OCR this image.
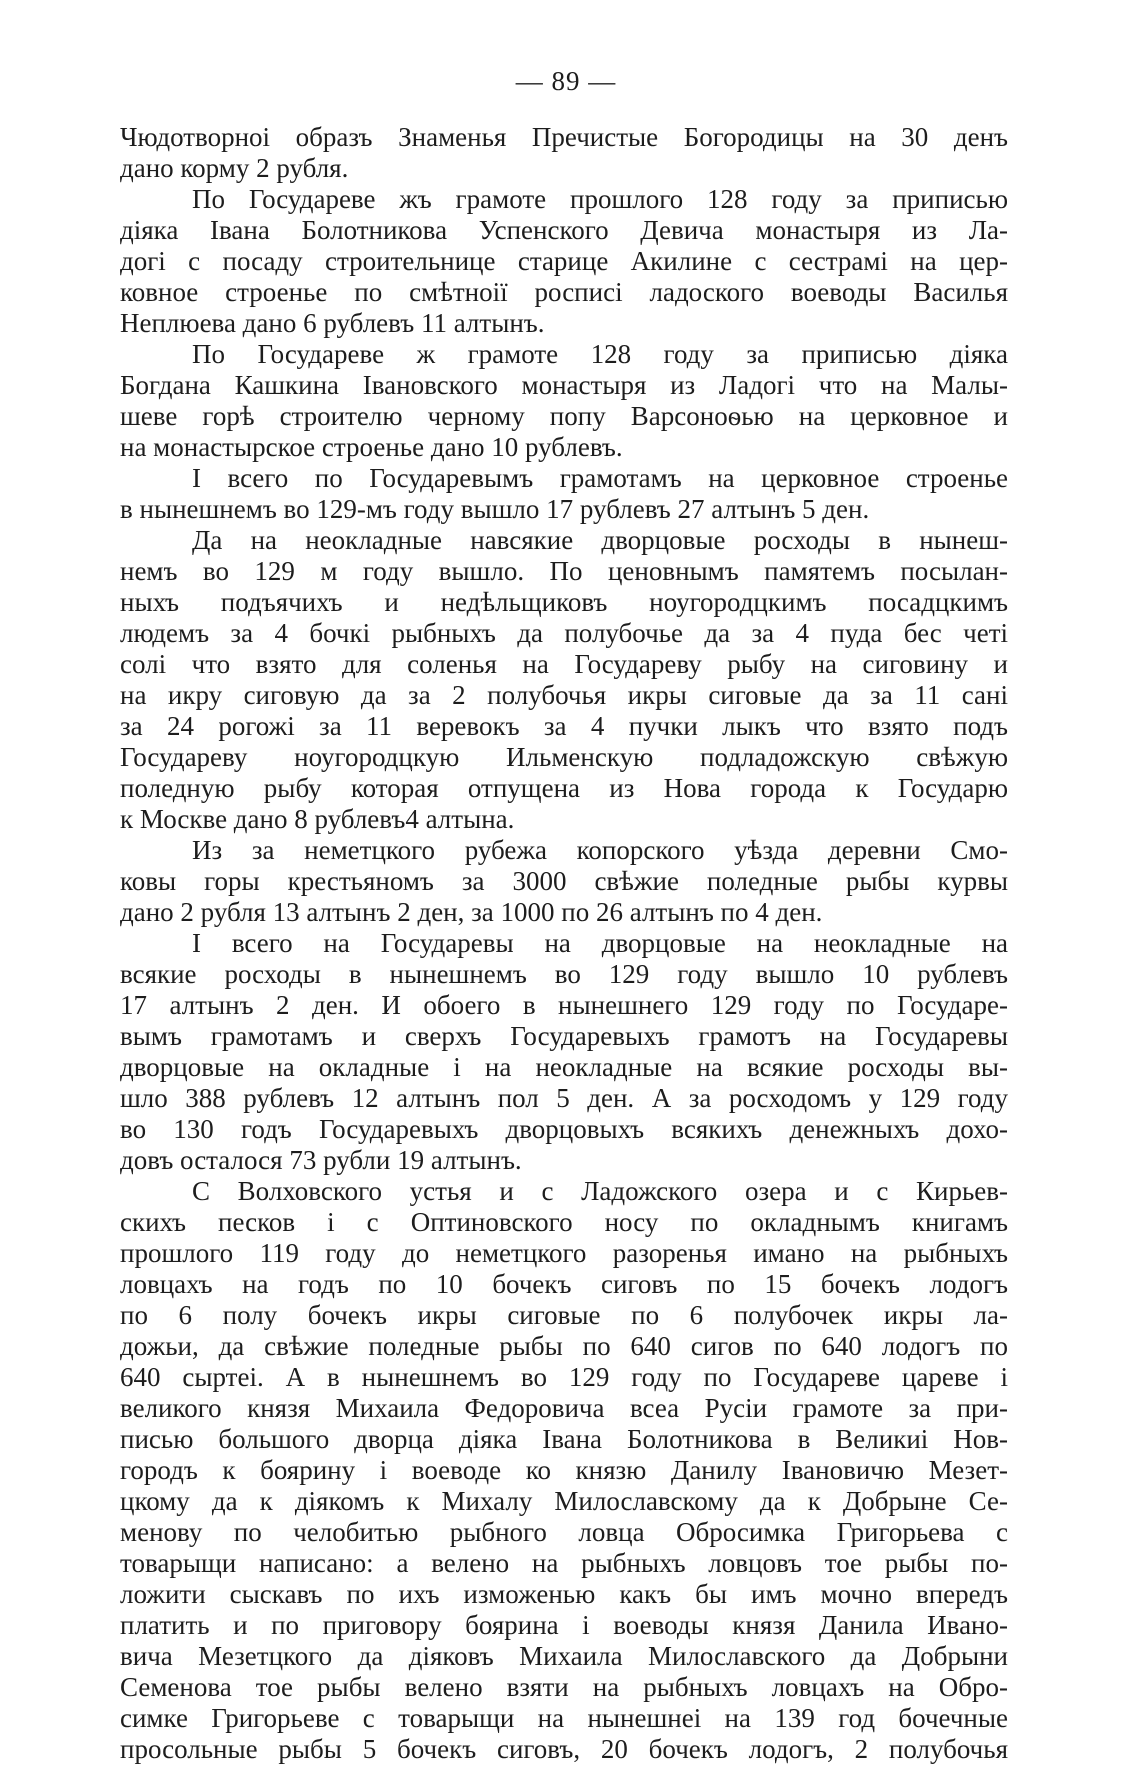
— 89 —
Чюдотворноі образъ Знаменья Пречистые Богородицы на 30 денъ
дано корму 2 рубля.
По Государеве жъ грамоте прошлого 128 году за приписью
діяка Івана Болотникова Успенского Девича монастыря из Ла-
догі с посаду строительнице старице Акилине с сестрамі на цер-
ковное строенье по смѣтноії росписі ладоского воеводы Василья
Неплюева дано 6 рублевъ 11 алтынъ.
По Государеве ж грамоте 128 году за приписью діяка
Богдана Кашкина Івановского монастыря из Ладогі что на Малы-
шеве горѣ строителю черному попу Варсоноѳью на церковное и
на монастырское строенье дано 10 рублевъ.
І всего по Государевымъ грамотамъ на церковное строенье
в нынешнемъ во 129-мъ году вышло 17 рублевъ 27 алтынъ 5 ден.
Да на неокладные навсякие дворцовые росходы в нынеш-
немъ во 129 м году вышло. По ценовнымъ памятемъ посылан-
ныхъ подъячихъ и недѣльщиковъ ноугородцкимъ посадцкимъ
людемъ за 4 бочкі рыбныхъ да полубочье да за 4 пуда бес четі
солі что взято для соленья на Государеву рыбу на сиговину и
на икру сиговую да за 2 полубочья икры сиговые да за 11 сані
за 24 рогожі за 11 веревокъ за 4 пучки лыкъ что взято подъ
Государеву ноугородцкую Ильменскую подладожскую свѣжую
поледную рыбу которая отпущена из Нова города к Государю
к Москве дано 8 рублевъ4 алтына.
Из за неметцкого рубежа копорского уѣзда деревни Смо-
ковы горы крестьяномъ за 3000 свѣжие поледные рыбы курвы
дано 2 рубля 13 алтынъ 2 ден, за 1000 по 26 алтынъ по 4 ден.
І всего на Государевы на дворцовые на неокладные на
всякие росходы в нынешнемъ во 129 году вышло 10 рублевъ
17 алтынъ 2 ден. И обоего в нынешнего 129 году по Государе-
вымъ грамотамъ и сверхъ Государевыхъ грамотъ на Государевы
дворцовые на окладные і на неокладные на всякие росходы вы-
шло 388 рублевъ 12 алтынъ пол 5 ден. А за росходомъ у 129 году
во 130 годъ Государевыхъ дворцовыхъ всякихъ денежныхъ дохо-
довъ осталося 73 рубли 19 алтынъ.
С Волховского устья и с Ладожского озера и с Кирьев-
скихъ песков і с Оптиновского носу по окладнымъ книгамъ
прошлого 119 году до неметцкого разоренья имано на рыбныхъ
ловцахъ на годъ по 10 бочекъ сиговъ по 15 бочекъ лодогъ
по 6 полу бочекъ икры сиговые по 6 полубочек икры ла-
дожьи, да свѣжие поледные рыбы по 640 сигов по 640 лодогъ по
640 сыртеі. А в нынешнемъ во 129 году по Государеве царевe і
великого князя Михаила Федоровича всеа Русіи грамоте за при-
писью большого дворца діяка Івана Болотникова в Великиі Нов-
городъ к боярину і воеводе ко князю Данилу Івановичю Мезет-
цкому да к діякомъ к Михалу Милославскому да к Добрыне Се-
менову по челобитью рыбного ловца Обросимка Григорьева с
товарыщи написано: а велено на рыбныхъ ловцовъ тое рыбы по-
ложити сыскавъ по ихъ изможенью какъ бы имъ мочно впередъ
платить и по приговору боярина і воеводы князя Данила Ивано-
вича Мезетцкого да діяковъ Михаила Милославского да Добрыни
Семенова тое рыбы велено взяти на рыбныхъ ловцахъ на Обро-
симке Григорьеве с товарыщи на нынешнеі на 139 год бочечные
просольные рыбы 5 бочекъ сиговъ, 20 бочекъ лодогъ, 2 полубочья
